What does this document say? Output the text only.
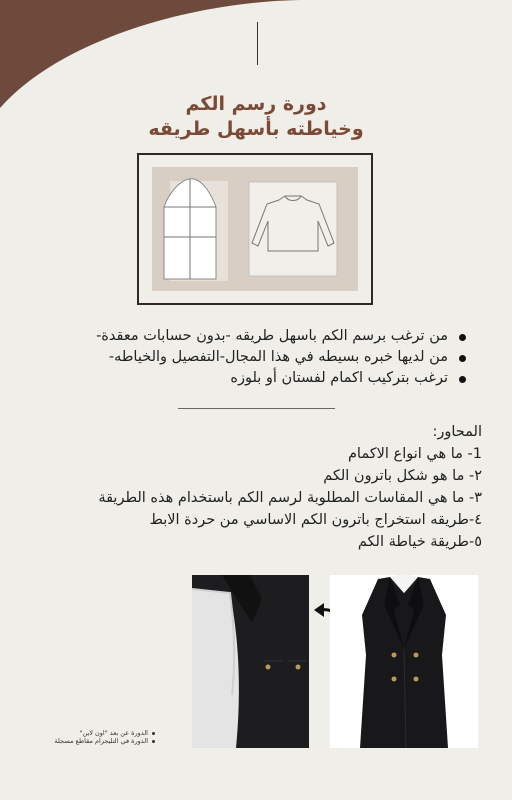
دورة رسم الكم
وخياطته بأسهل طريقه
من ترغب برسم الكم باسهل طريقه -بدون حسابات معقدة-
من لديها خبره بسيطه في هذا المجال-التفصيل والخياطه-
ترغب بتركيب اكمام لفستان أو بلوزه
المحاور:
1- ما هي انواع الاكمام
٢- ما هو شكل باترون الكم
٣- ما هي المقاسات المطلوبة لرسم الكم باستخدام هذه الطريقة
٤-طريقه استخراج باترون الكم الاساسي من حردة الابط
٥-طريقة خياطة الكم
الدورة عن بعد "اون لاين"
الدورة في التليجرام مقاطع مسجلة
